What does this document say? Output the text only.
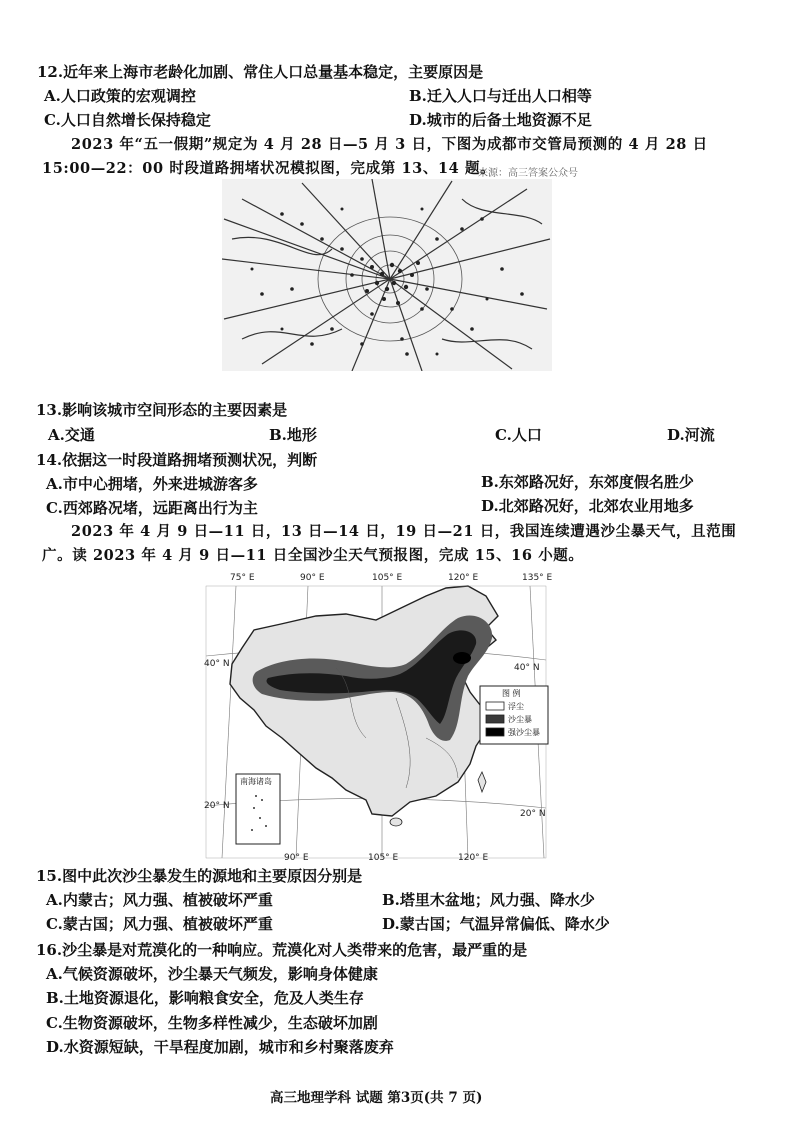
12.近年来上海市老龄化加剧、常住人口总量基本稳定，主要原因是
A.人口政策的宏观调控	B.迁入人口与迁出人口相等
C.人口自然增长保持稳定	D.城市的后备土地资源不足
2023 年“五一假期”规定为 4 月 28 日—5 月 3 日，下图为成都市交管局预测的 4 月 28 日
15:00—22：00 时段道路拥堵状况模拟图，完成第 13、14 题。
来源：高三答案公众号
13.影响该城市空间形态的主要因素是
A.交通	B.地形	C.人口	D.河流
14.依据这一时段道路拥堵预测状况，判断
A.市中心拥堵，外来进城游客多	B.东郊路况好，东郊度假名胜少
C.西郊路况堵，远距离出行为主	D.北郊路况好，北郊农业用地多
2023 年 4 月 9 日—11 日，13 日—14 日，19 日—21 日，我国连续遭遇沙尘暴天气，且范围
广。读 2023 年 4 月 9 日—11 日全国沙尘天气预报图，完成 15、16 小题。
75° E	90° E	105° E	120° E	135° E
90° E	105° E	120° E
40° N	40° N
20° N
20° N
南海诸岛
图 例
浮尘
沙尘暴
强沙尘暴
15.图中此次沙尘暴发生的源地和主要原因分别是
A.内蒙古；风力强、植被破坏严重	B.塔里木盆地；风力强、降水少
C.蒙古国；风力强、植被破坏严重	D.蒙古国；气温异常偏低、降水少
16.沙尘暴是对荒漠化的一种响应。荒漠化对人类带来的危害，最严重的是
A.气候资源破坏，沙尘暴天气频发，影响身体健康
B.土地资源退化，影响粮食安全，危及人类生存
C.生物资源破坏，生物多样性减少，生态破坏加剧
D.水资源短缺，干旱程度加剧，城市和乡村聚落废弃
高三地理学科 试题 第3页(共 7 页)
